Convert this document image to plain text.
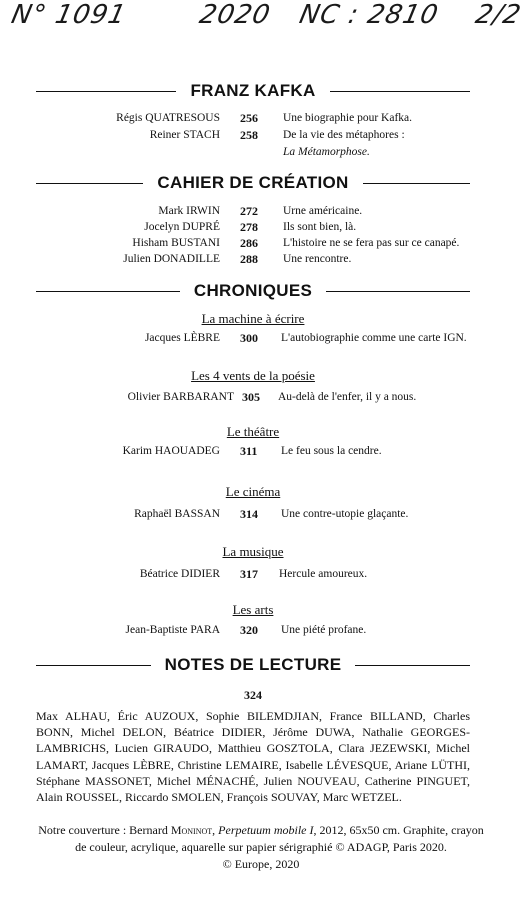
N° 1091	2020 NC : 2810 2/2
FRANZ KAFKA
Régis QUATRESOUS 256 Une biographie pour Kafka.
Reiner STACH 258 De la vie des métaphores :
La Métamorphose.
CAHIER DE CRÉATION
Mark IRWIN 272 Urne américaine.
Jocelyn DUPRÉ 278 Ils sont bien, là.
Hisham BUSTANI 286 L'histoire ne se fera pas sur ce canapé.
Julien DONADILLE 288 Une rencontre.
CHRONIQUES
La machine à écrire
Jacques LÈBRE 300 L'autobiographie comme une carte IGN.
Les 4 vents de la poésie
Olivier BARBARANT 305 Au-delà de l'enfer, il y a nous.
Le théâtre
Karim HAOUADEG 311 Le feu sous la cendre.
Le cinéma
Raphaël BASSAN 314 Une contre-utopie glaçante.
La musique
Béatrice DIDIER 317 Hercule amoureux.
Les arts
Jean-Baptiste PARA 320 Une piété profane.
NOTES DE LECTURE
324
Max ALHAU, Éric AUZOUX, Sophie BILEMDJIAN, France BILLAND, Charles BONN, Michel DELON, Béatrice DIDIER, Jérôme DUWA, Nathalie GEORGES-LAMBRICHS, Lucien GIRAUDO, Matthieu GOSZTOLA, Clara JEZEWSKI, Michel LAMART, Jacques LÈBRE, Christine LEMAIRE, Isabelle LÉVESQUE, Ariane LÜTHI, Stéphane MASSONET, Michel MÉNACHÉ, Julien NOUVEAU, Catherine PINGUET, Alain ROUSSEL, Riccardo SMOLEN, François SOUVAY, Marc WETZEL.
Notre couverture : Bernard Moninot, Perpetuum mobile I, 2012, 65x50 cm. Graphite, crayon de couleur, acrylique, aquarelle sur papier sérigraphié © ADAGP, Paris 2020.
© Europe, 2020
